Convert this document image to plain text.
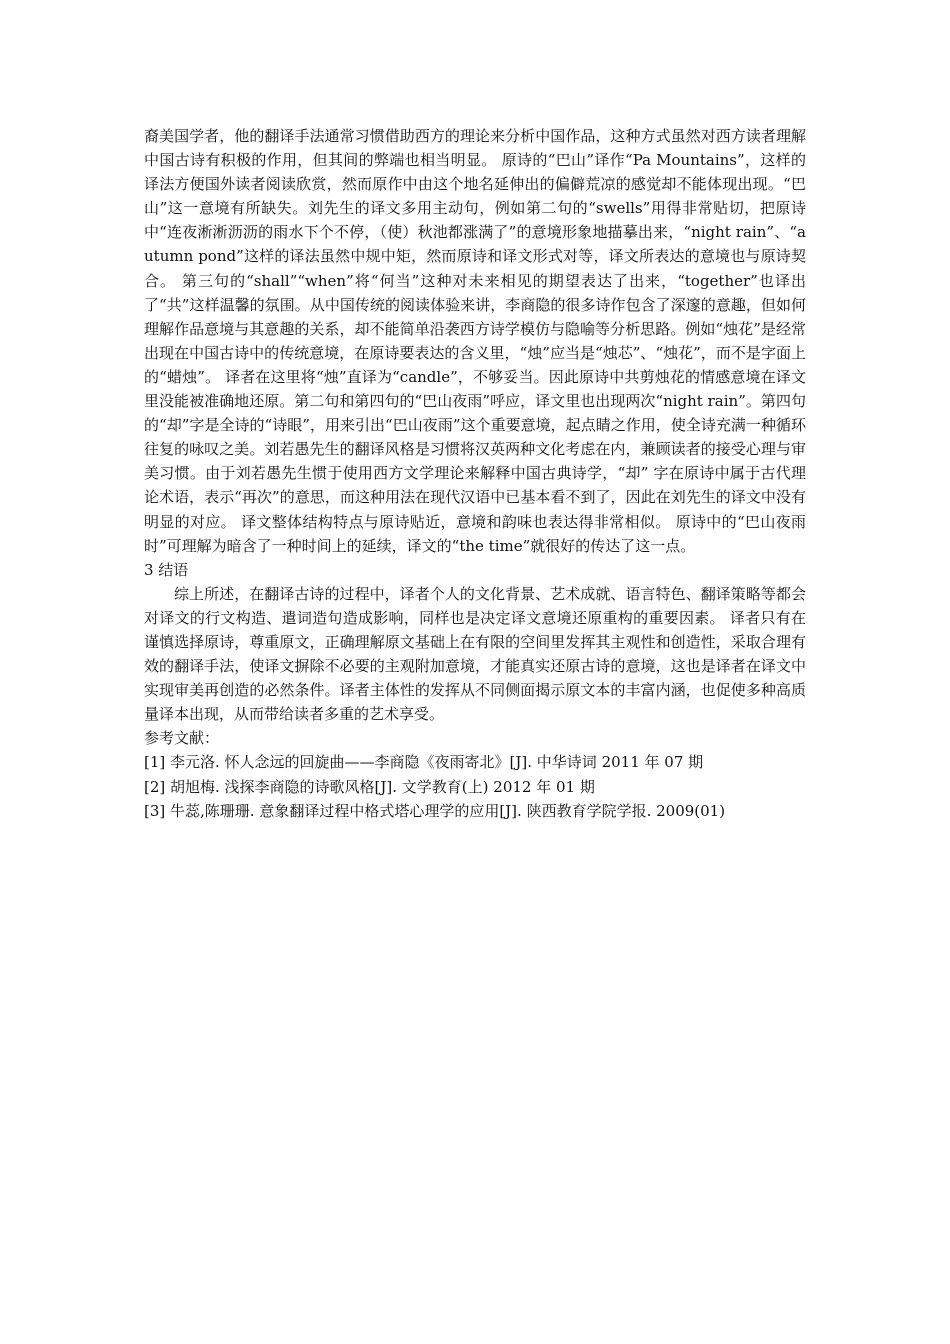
裔美国学者，他的翻译手法通常习惯借助西方的理论来分析中国作品，这种方式虽然对西方读者理解中国古诗有积极的作用，但其间的弊端也相当明显。 原诗的“巴山”译作“Pa Mountains”，这样的译法方便国外读者阅读欣赏，然而原作中由这个地名延伸出的偏僻荒凉的感觉却不能体现出现。“巴山”这一意境有所缺失。刘先生的译文多用主动句，例如第二句的“swells”用得非常贴切，把原诗中“连夜淅淅沥沥的雨水下个不停，（使）秋池都涨满了”的意境形象地描摹出来，“night rain”、“autumn pond”这样的译法虽然中规中矩，然而原诗和译文形式对等，译文所表达的意境也与原诗契合。 第三句的“shall”“when”将“何当”这种对未来相见的期望表达了出来，“together”也译出了“共”这样温馨的氛围。从中国传统的阅读体验来讲，李商隐的很多诗作包含了深邃的意趣，但如何理解作品意境与其意趣的关系，却不能简单沿袭西方诗学模仿与隐喻等分析思路。例如“烛花”是经常出现在中国古诗中的传统意境，在原诗要表达的含义里，“烛”应当是“烛芯”、“烛花”，而不是字面上的“蜡烛”。 译者在这里将“烛”直译为“candle”，不够妥当。因此原诗中共剪烛花的情感意境在译文里没能被准确地还原。第二句和第四句的“巴山夜雨”呼应，译文里也出现两次“night rain”。第四句的“却”字是全诗的“诗眼”，用来引出“巴山夜雨”这个重要意境，起点睛之作用，使全诗充满一种循环往复的咏叹之美。刘若愚先生的翻译风格是习惯将汉英两种文化考虑在内，兼顾读者的接受心理与审美习惯。由于刘若愚先生惯于使用西方文学理论来解释中国古典诗学，“却” 字在原诗中属于古代理论术语，表示“再次”的意思，而这种用法在现代汉语中已基本看不到了，因此在刘先生的译文中没有明显的对应。 译文整体结构特点与原诗贴近，意境和韵味也表达得非常相似。 原诗中的“巴山夜雨时”可理解为暗含了一种时间上的延续，译文的“the time”就很好的传达了这一点。

3 结语

综上所述，在翻译古诗的过程中，译者个人的文化背景、艺术成就、语言特色、翻译策略等都会对译文的行文构造、遣词造句造成影响，同样也是决定译文意境还原重构的重要因素。 译者只有在谨慎选择原诗，尊重原文，正确理解原文基础上在有限的空间里发挥其主观性和创造性，采取合理有效的翻译手法，使译文摒除不必要的主观附加意境，才能真实还原古诗的意境，这也是译者在译文中实现审美再创造的必然条件。译者主体性的发挥从不同侧面揭示原文本的丰富内涵，也促使多种高质量译本出现，从而带给读者多重的艺术享受。

参考文献：

[1] 李元洛. 怀人念远的回旋曲——李商隐《夜雨寄北》[J]. 中华诗词 2011 年 07 期
[2] 胡旭梅. 浅探李商隐的诗歌风格[J]. 文学教育(上) 2012 年 01 期
[3] 牛蕊,陈珊珊. 意象翻译过程中格式塔心理学的应用[J]. 陕西教育学院学报. 2009(01)
